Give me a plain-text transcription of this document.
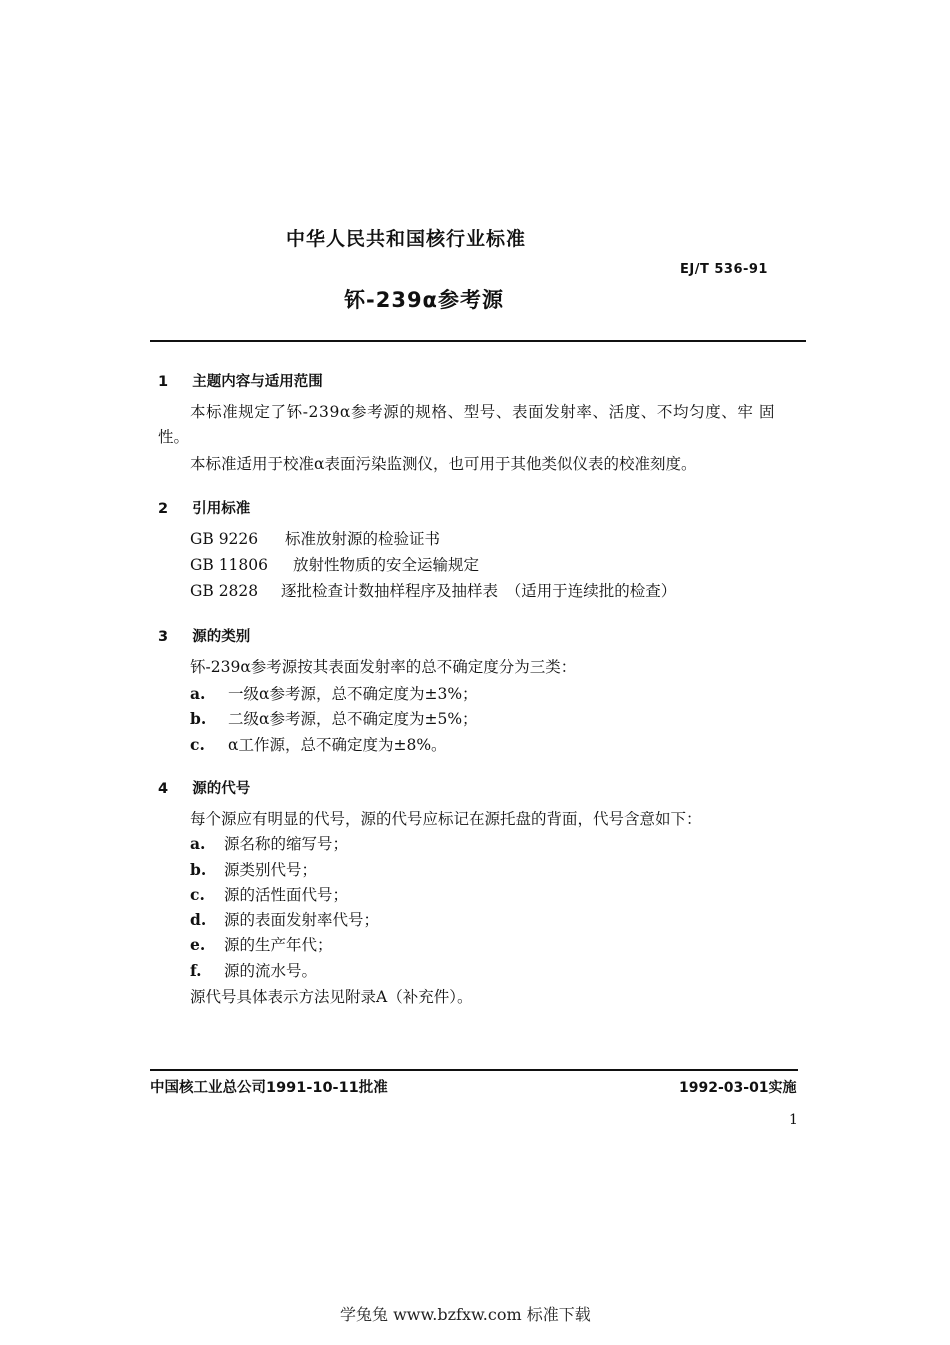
中华人民共和国核行业标准
EJ/T 536-91
钚-239α参考源
1 主题内容与适用范围
本标准规定了钚-239α参考源的规格、型号、表面发射率、活度、不均匀度、牢 固
性。
本标准适用于校准α表面污染监测仪，也可用于其他类似仪表的校准刻度。
2 引用标准
GB 9226 标准放射源的检验证书
GB 11806 放射性物质的安全运输规定
GB 2828 逐批检查计数抽样程序及抽样表　（适用于连续批的检查）
3 源的类别
钚-239α参考源按其表面发射率的总不确定度分为三类：
a. 一级α参考源，总不确定度为±3%；
b. 二级α参考源，总不确定度为±5%；
c. α工作源，总不确定度为±8%。
4 源的代号
每个源应有明显的代号，源的代号应标记在源托盘的背面，代号含意如下：
a. 源名称的缩写号；
b. 源类别代号；
c. 源的活性面代号；
d. 源的表面发射率代号；
e. 源的生产年代；
f. 源的流水号。
源代号具体表示方法见附录A（补充件）。
中国核工业总公司1991-10-11批准	1992-03-01实施
1
学兔兔 www.bzfxw.com 标准下载
